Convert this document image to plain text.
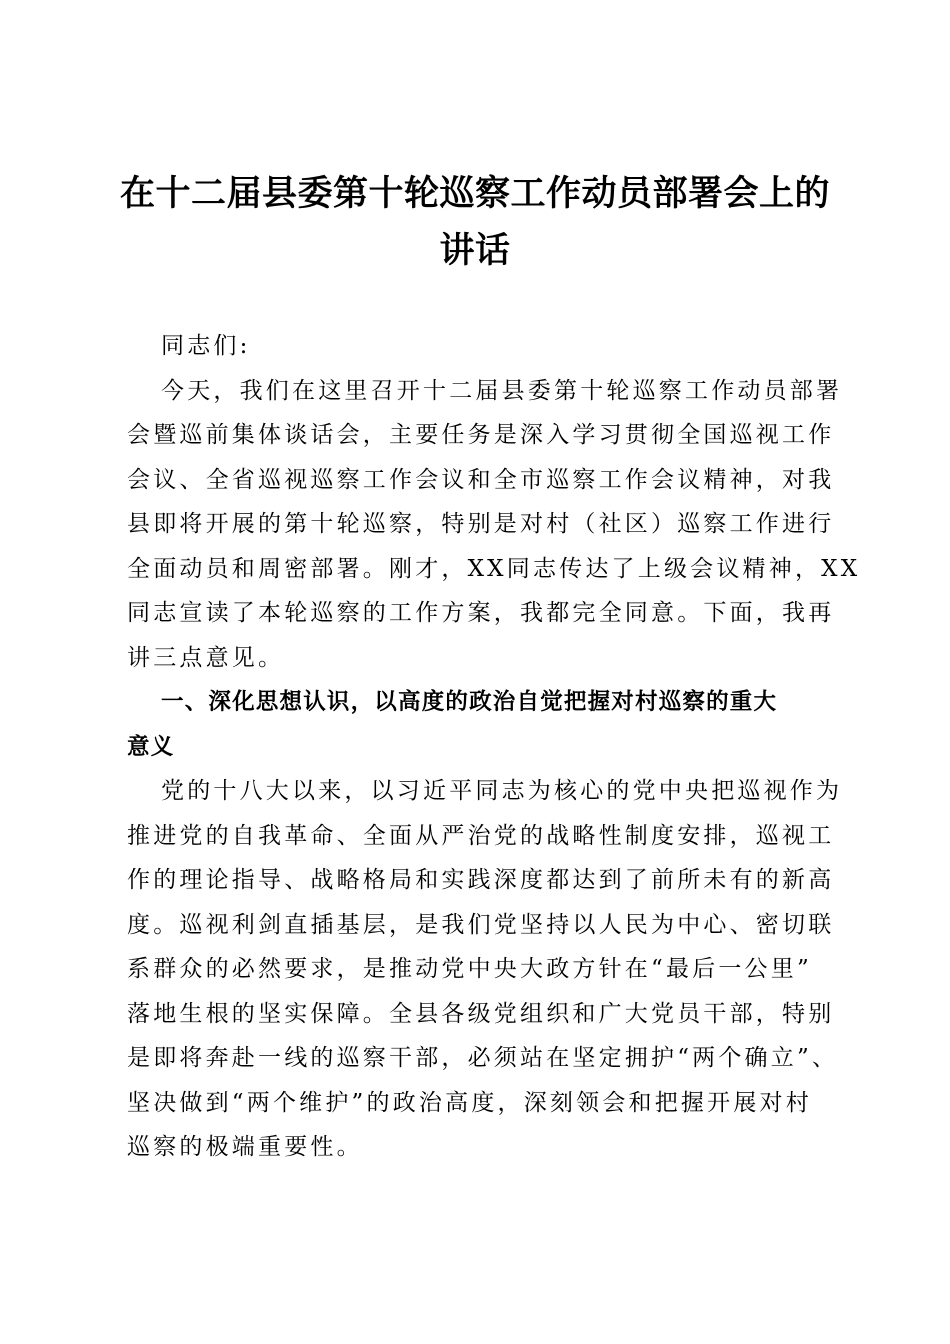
在十二届县委第十轮巡察工作动员部署会上的
讲话
同志们:
今天，我们在这里召开十二届县委第十轮巡察工作动员部署
会暨巡前集体谈话会，主要任务是深入学习贯彻全国巡视工作
会议、全省巡视巡察工作会议和全市巡察工作会议精神，对我
县即将开展的第十轮巡察，特别是对村（社区）巡察工作进行
全面动员和周密部署。刚才，XX同志传达了上级会议精神，XX
同志宣读了本轮巡察的工作方案，我都完全同意。下面，我再
讲三点意见。
一、深化思想认识，以高度的政治自觉把握对村巡察的重大
意义
党的十八大以来，以习近平同志为核心的党中央把巡视作为
推进党的自我革命、全面从严治党的战略性制度安排，巡视工
作的理论指导、战略格局和实践深度都达到了前所未有的新高
度。巡视利剑直插基层，是我们党坚持以人民为中心、密切联
系群众的必然要求，是推动党中央大政方针在“最后一公里”
落地生根的坚实保障。全县各级党组织和广大党员干部，特别
是即将奔赴一线的巡察干部，必须站在坚定拥护“两个确立”、
坚决做到“两个维护”的政治高度，深刻领会和把握开展对村
巡察的极端重要性。
